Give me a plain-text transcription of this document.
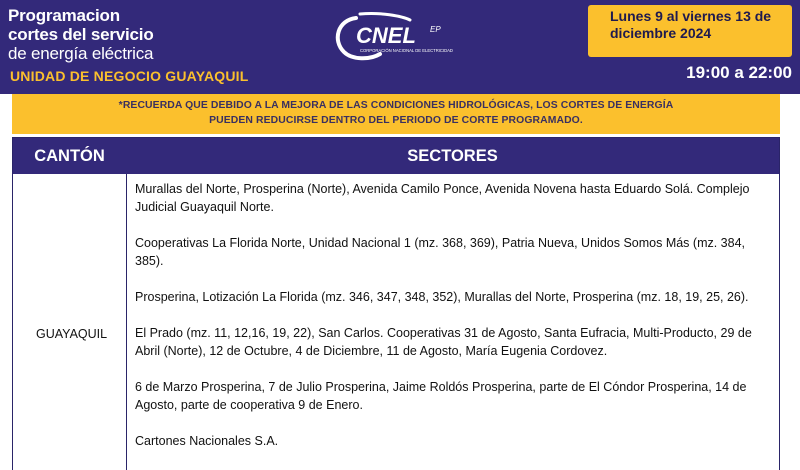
Programacion
cortes del servicio
de energía eléctrica
CNEL EP
CORPORACIÓN NACIONAL DE ELECTRICIDAD
Lunes 9 al viernes 13 de diciembre 2024
UNIDAD DE NEGOCIO GUAYAQUIL	19:00 a 22:00
*RECUERDA QUE DEBIDO A LA MEJORA DE LAS CONDICIONES HIDROLÓGICAS, LOS CORTES DE ENERGÍA
PUEDEN REDUCIRSE DENTRO DEL PERIODO DE CORTE PROGRAMADO.
CANTÓN	SECTORES
GUAYAQUIL

Murallas del Norte, Prosperina (Norte), Avenida Camilo Ponce, Avenida Novena hasta Eduardo Solá. Complejo Judicial Guayaquil Norte.

Cooperativas La Florida Norte, Unidad Nacional 1 (mz. 368, 369), Patria Nueva, Unidos Somos Más (mz. 384, 385).

Prosperina, Lotización La Florida (mz. 346, 347, 348, 352), Murallas del Norte, Prosperina (mz. 18, 19, 25, 26).

El Prado (mz. 11, 12,16, 19, 22), San Carlos. Cooperativas 31 de Agosto, Santa Eufracia, Multi-Producto, 29 de Abril (Norte), 12 de Octubre, 4 de Diciembre, 11 de Agosto, María Eugenia Cordovez.

6 de Marzo Prosperina, 7 de Julio Prosperina, Jaime Roldós Prosperina, parte de El Cóndor Prosperina, 14 de Agosto, parte de cooperativa 9 de Enero.

Cartones Nacionales S.A.
